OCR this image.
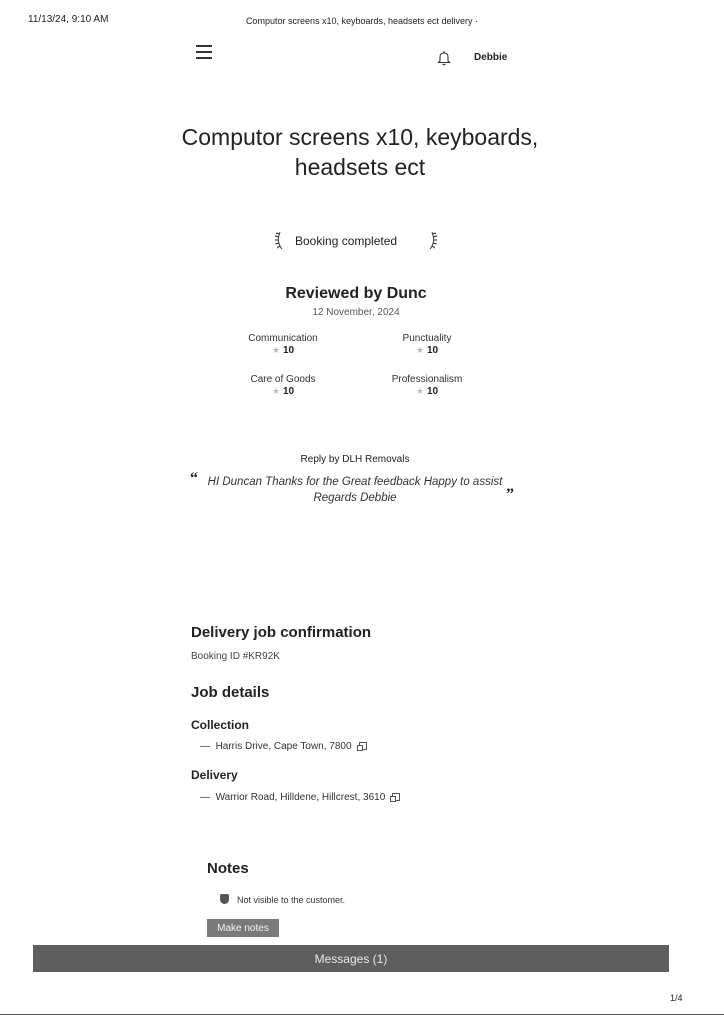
11/13/24, 9:10 AM	Computor screens x10, keyboards, headsets ect delivery ·
Debbie
Computor screens x10, keyboards, headsets ect
Booking completed
Reviewed by Dunc
12 November, 2024
Communication
★ 10
Punctuality
★ 10
Care of Goods
★ 10
Professionalism
★ 10
Reply by DLH Removals
“ HI Duncan Thanks for the Great feedback Happy to assist Regards Debbie	”
Delivery job confirmation
Booking ID #KR92K
Job details
Collection
— Harris Drive, Cape Town, 7800
Delivery
— Warrior Road, Hilldene, Hillcrest, 3610
Notes
Not visible to the customer.
Make notes
Messages (1)
1/4
